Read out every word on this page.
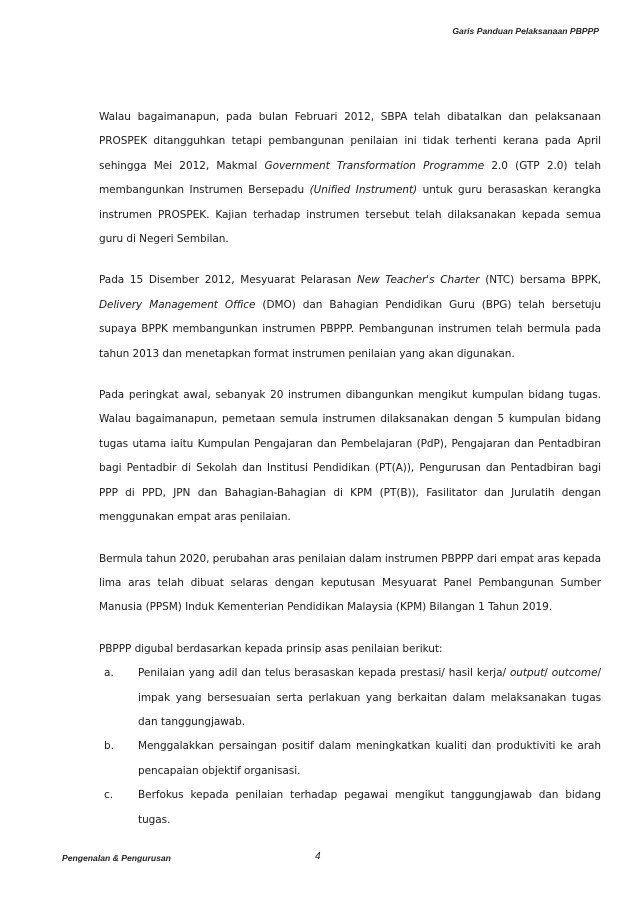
Garis Panduan Pelaksanaan PBPPP

Walau bagaimanapun, pada bulan Februari 2012, SBPA telah dibatalkan dan pelaksanaan PROSPEK ditangguhkan tetapi pembangunan penilaian ini tidak terhenti kerana pada April sehingga Mei 2012, Makmal Government Transformation Programme 2.0 (GTP 2.0) telah membangunkan Instrumen Bersepadu (Unified Instrument) untuk guru berasaskan kerangka instrumen PROSPEK. Kajian terhadap instrumen tersebut telah dilaksanakan kepada semua guru di Negeri Sembilan.

Pada 15 Disember 2012, Mesyuarat Pelarasan New Teacher's Charter (NTC) bersama BPPK, Delivery Management Office (DMO) dan Bahagian Pendidikan Guru (BPG) telah bersetuju supaya BPPK membangunkan instrumen PBPPP. Pembangunan instrumen telah bermula pada tahun 2013 dan menetapkan format instrumen penilaian yang akan digunakan.

Pada peringkat awal, sebanyak 20 instrumen dibangunkan mengikut kumpulan bidang tugas. Walau bagaimanapun, pemetaan semula instrumen dilaksanakan dengan 5 kumpulan bidang tugas utama iaitu Kumpulan Pengajaran dan Pembelajaran (PdP), Pengajaran dan Pentadbiran bagi Pentadbir di Sekolah dan Institusi Pendidikan (PT(A)), Pengurusan dan Pentadbiran bagi PPP di PPD, JPN dan Bahagian-Bahagian di KPM (PT(B)), Fasilitator dan Jurulatih dengan menggunakan empat aras penilaian.

Bermula tahun 2020, perubahan aras penilaian dalam instrumen PBPPP dari empat aras kepada lima aras telah dibuat selaras dengan keputusan Mesyuarat Panel Pembangunan Sumber Manusia (PPSM) Induk Kementerian Pendidikan Malaysia (KPM) Bilangan 1 Tahun 2019.

PBPPP digubal berdasarkan kepada prinsip asas penilaian berikut:

a. Penilaian yang adil dan telus berasaskan kepada prestasi/ hasil kerja/ output/ outcome/ impak yang bersesuaian serta perlakuan yang berkaitan dalam melaksanakan tugas dan tanggungjawab.
b. Menggalakkan persaingan positif dalam meningkatkan kualiti dan produktiviti ke arah pencapaian objektif organisasi.
c. Berfokus kepada penilaian terhadap pegawai mengikut tanggungjawab dan bidang tugas.
Pengenalan & Pengurusan	4
